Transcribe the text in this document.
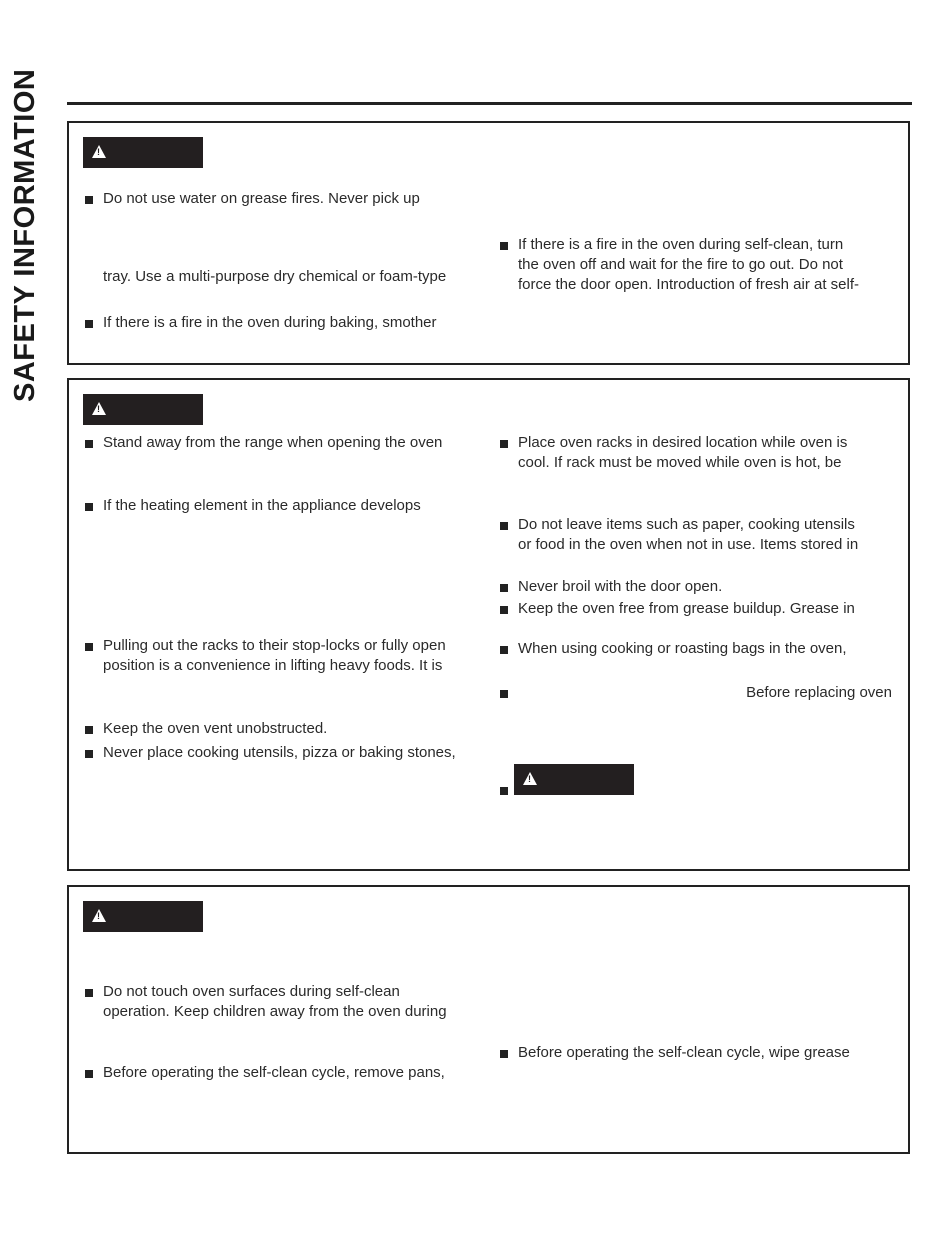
SAFETY INFORMATION
!	Do not use water on grease fires. Never pick up
tray. Use a multi-purpose dry chemical or foam-type
If there is a fire in the oven during baking, smother
If there is a fire in the oven during self-clean, turn
the oven off and wait for the fire to go out. Do not
force the door open. Introduction of fresh air at self-
!
Stand away from the range when opening the oven
If the heating element in the appliance develops
Pulling out the racks to their stop-locks or fully open
position is a convenience in lifting heavy foods. It is
Keep the oven vent unobstructed.
Never place cooking utensils, pizza or baking stones,
Place oven racks in desired location while oven is
cool. If rack must be moved while oven is hot, be
Do not leave items such as paper, cooking utensils
or food in the oven when not in use. Items stored in
Never broil with the door open.
Keep the oven free from grease buildup. Grease in
When using cooking or roasting bags in the oven,
Before replacing oven
!
!
Do not touch oven surfaces during self-clean
operation. Keep children away from the oven during
Before operating the self-clean cycle, remove pans,
Before operating the self-clean cycle, wipe grease
